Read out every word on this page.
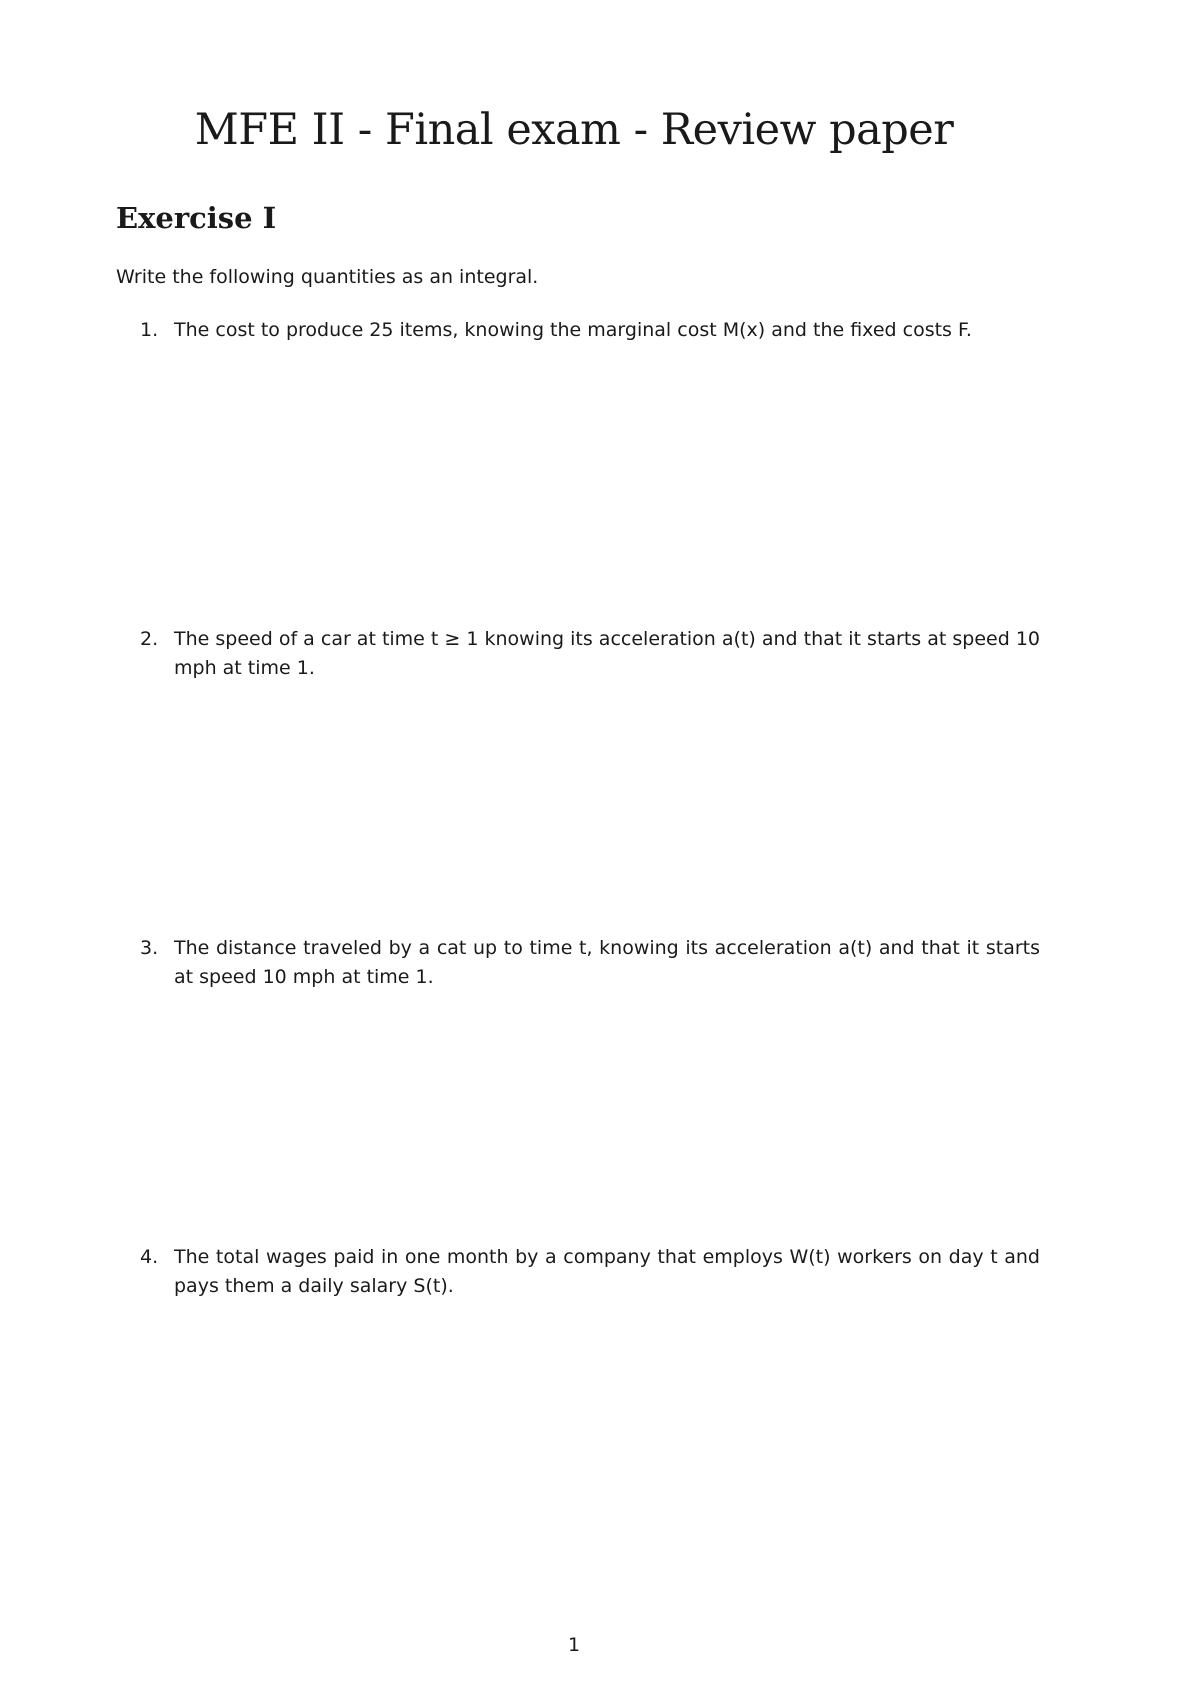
MFE II - Final exam - Review paper
Exercise I

Write the following quantities as an integral.

1. The cost to produce 25 items, knowing the marginal cost M(x) and the fixed costs F.
2. The speed of a car at time t ≥ 1 knowing its acceleration a(t) and that it starts at speed 10 mph at time 1.
3. The distance traveled by a cat up to time t, knowing its acceleration a(t) and that it starts at speed 10 mph at time 1.
4. The total wages paid in one month by a company that employs W(t) workers on day t and pays them a daily salary S(t).
1
